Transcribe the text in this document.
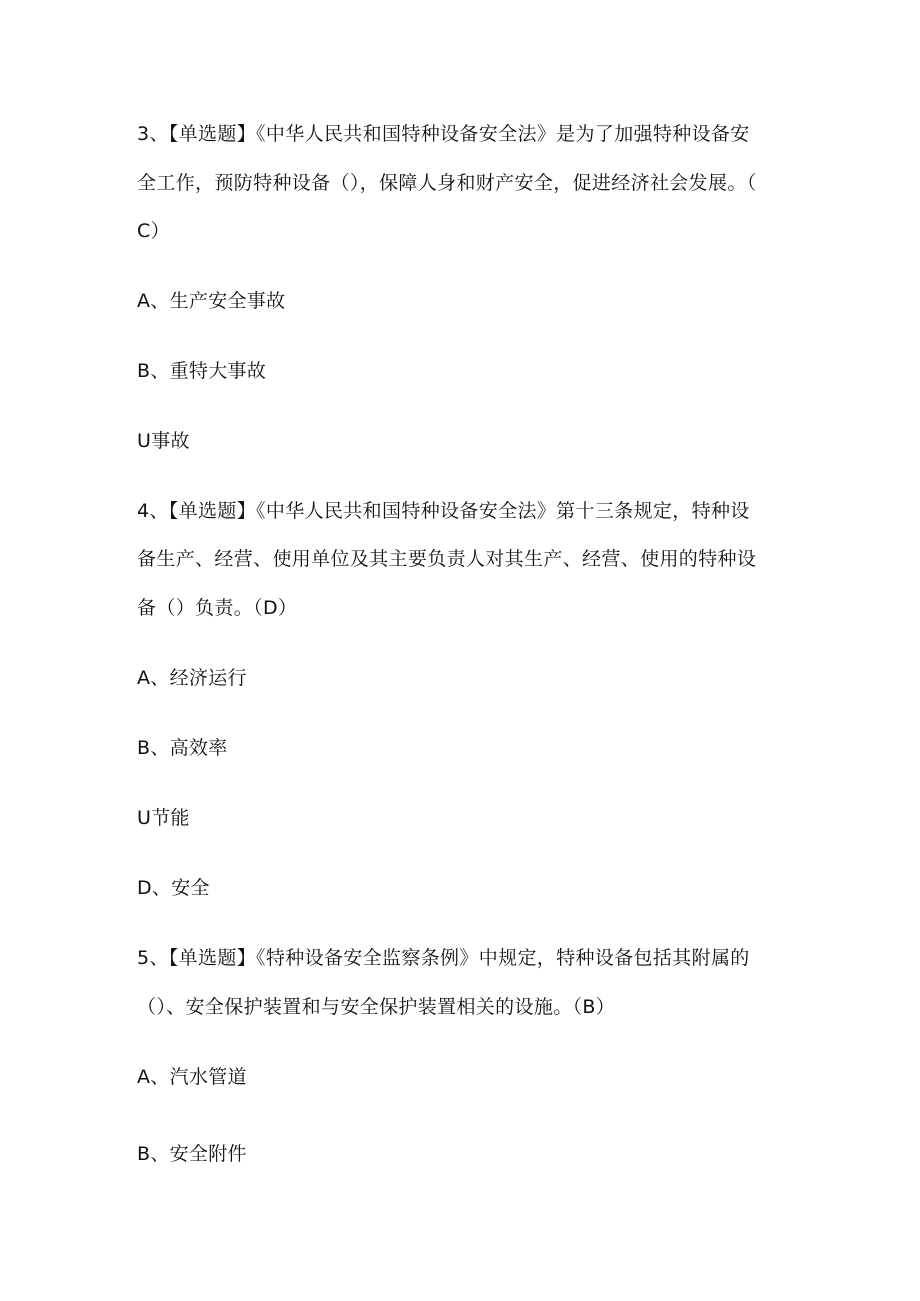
3、【单选题】《中华人民共和国特种设备安全法》是为了加强特种设备安
全工作，预防特种设备（），保障人身和财产安全，促进经济社会发展。（
C）
A、生产安全事故
B、重特大事故
U事故
4、【单选题】《中华人民共和国特种设备安全法》第十三条规定，特种设
备生产、经营、使用单位及其主要负责人对其生产、经营、使用的特种设
备（）负责。（D）
A、经济运行
B、高效率
U节能
D、安全
5、【单选题】《特种设备安全监察条例》中规定，特种设备包括其附属的
（）、安全保护装置和与安全保护装置相关的设施。（B）
A、汽水管道
B、安全附件
